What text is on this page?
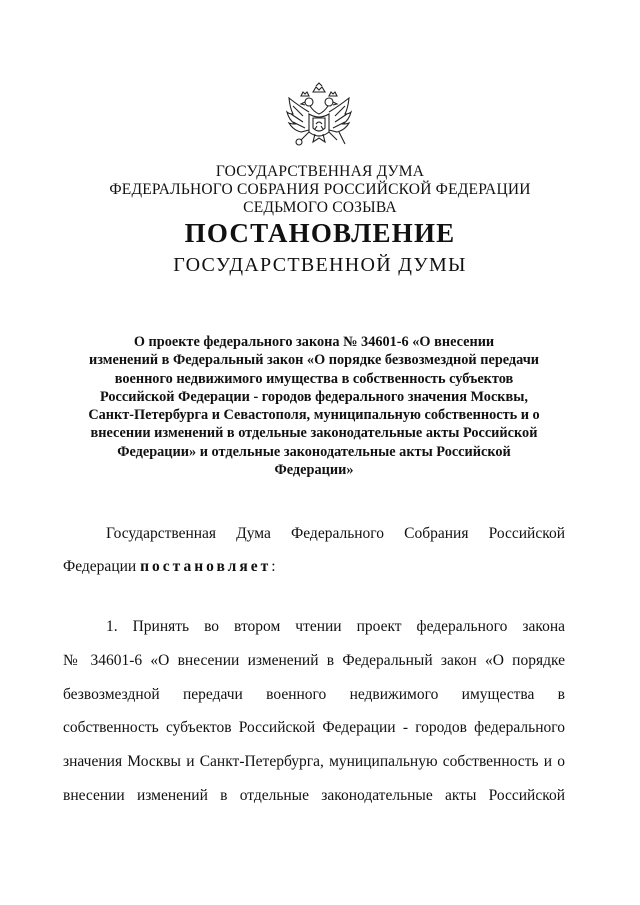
ГОСУДАРСТВЕННАЯ ДУМА
ФЕДЕРАЛЬНОГО СОБРАНИЯ РОССИЙСКОЙ ФЕДЕРАЦИИ
СЕДЬМОГО СОЗЫВА
ПОСТАНОВЛЕНИЕ
ГОСУДАРСТВЕННОЙ ДУМЫ
О проекте федерального закона № 34601-6 «О внесении
изменений в Федеральный закон «О порядке безвозмездной передачи
военного недвижимого имущества в собственность субъектов
Российской Федерации - городов федерального значения Москвы,
Санкт-Петербурга и Севастополя, муниципальную собственность и о
внесении изменений в отдельные законодательные акты Российской
Федерации» и отдельные законодательные акты Российской
Федерации»
Государственная Дума Федерального Собрания Российской
Федерации постановляет:
1. Принять во втором чтении проект федерального закона
№ 34601-6 «О внесении изменений в Федеральный закон «О порядке
безвозмездной передачи военного недвижимого имущества в
собственность субъектов Российской Федерации - городов федерального
значения Москвы и Санкт-Петербурга, муниципальную собственность и о
внесении изменений в отдельные законодательные акты Российской
